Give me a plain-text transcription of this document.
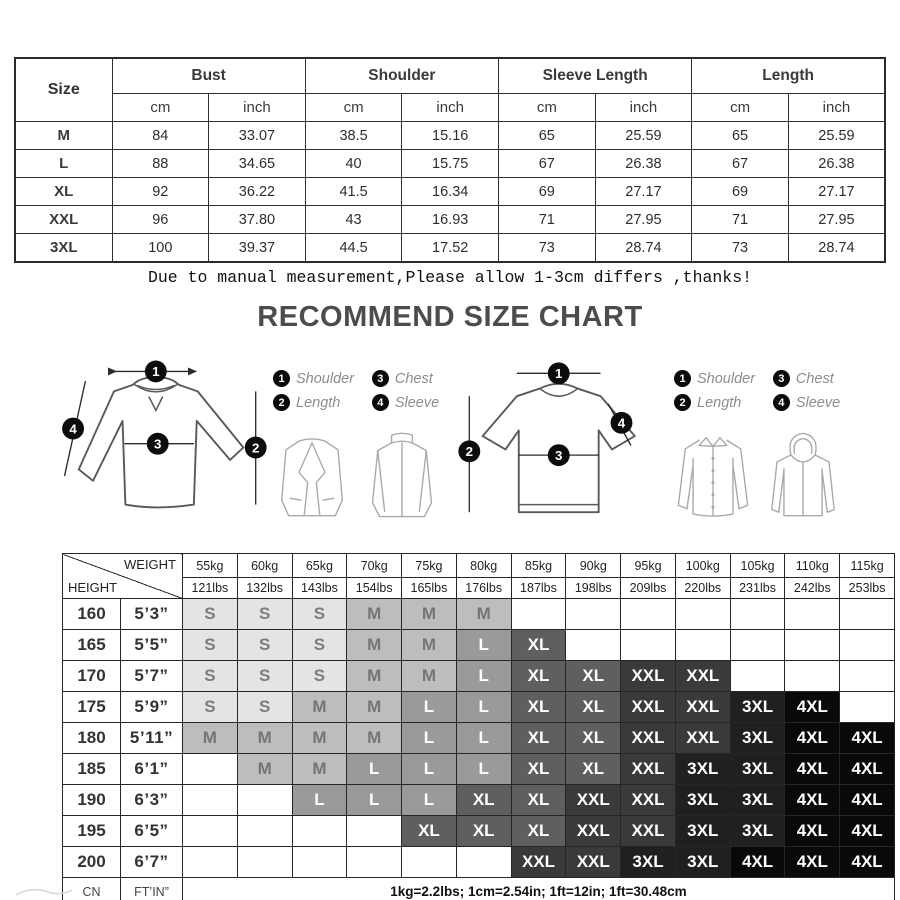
Size	Bust		Shoulder		Sleeve Length		Length	
	cm	inch	cm	inch	cm	inch	cm	inch
M	84	33.07	38.5	15.16	65	25.59	65	25.59
L	88	34.65	40	15.75	67	26.38	67	26.38
XL	92	36.22	41.5	16.34	69	27.17	69	27.17
XXL	96	37.80	43	16.93	71	27.95	71	27.95
3XL	100	39.37	44.5	17.52	73	28.74	73	28.74
Due to manual measurement,Please allow 1-3cm differs ,thanks!
RECOMMEND SIZE CHART
1
3	2
4
1 Shoulder	3 Chest
2 Length	4 Sleeve
1
2	3
4
1 Shoulder	3 Chest
2 Length	4 Sleeve
WEIGHT
HEIGHT		55kg	60kg	65kg	70kg	75kg	80kg	85kg	90kg	95kg	100kg	105kg	110kg	115kg
		121lbs	132lbs	143lbs	154lbs	165lbs	176lbs	187lbs	198lbs	209lbs	220lbs	231lbs	242lbs	253lbs
160	5’3”	S	S	S	M	M	M							
165	5’5”	S	S	S	M	M	L	XL						
170	5’7”	S	S	S	M	M	L	XL	XL	XXL	XXL			
175	5’9”	S	S	M	M	L	L	XL	XL	XXL	XXL	3XL	4XL	
180	5’11”	M	M	M	M	L	L	XL	XL	XXL	XXL	3XL	4XL	4XL
185	6’1”		M	M	L	L	L	XL	XL	XXL	3XL	3XL	4XL	4XL
190	6’3”			L	L	L	XL	XL	XXL	XXL	3XL	3XL	4XL	4XL
195	6’5”					XL	XL	XL	XXL	XXL	3XL	3XL	4XL	4XL
200	6’7”							XXL	XXL	3XL	3XL	4XL	4XL	4XL
CN	FT’IN”	1kg=2.2lbs; 1cm=2.54in; 1ft=12in; 1ft=30.48cm												
